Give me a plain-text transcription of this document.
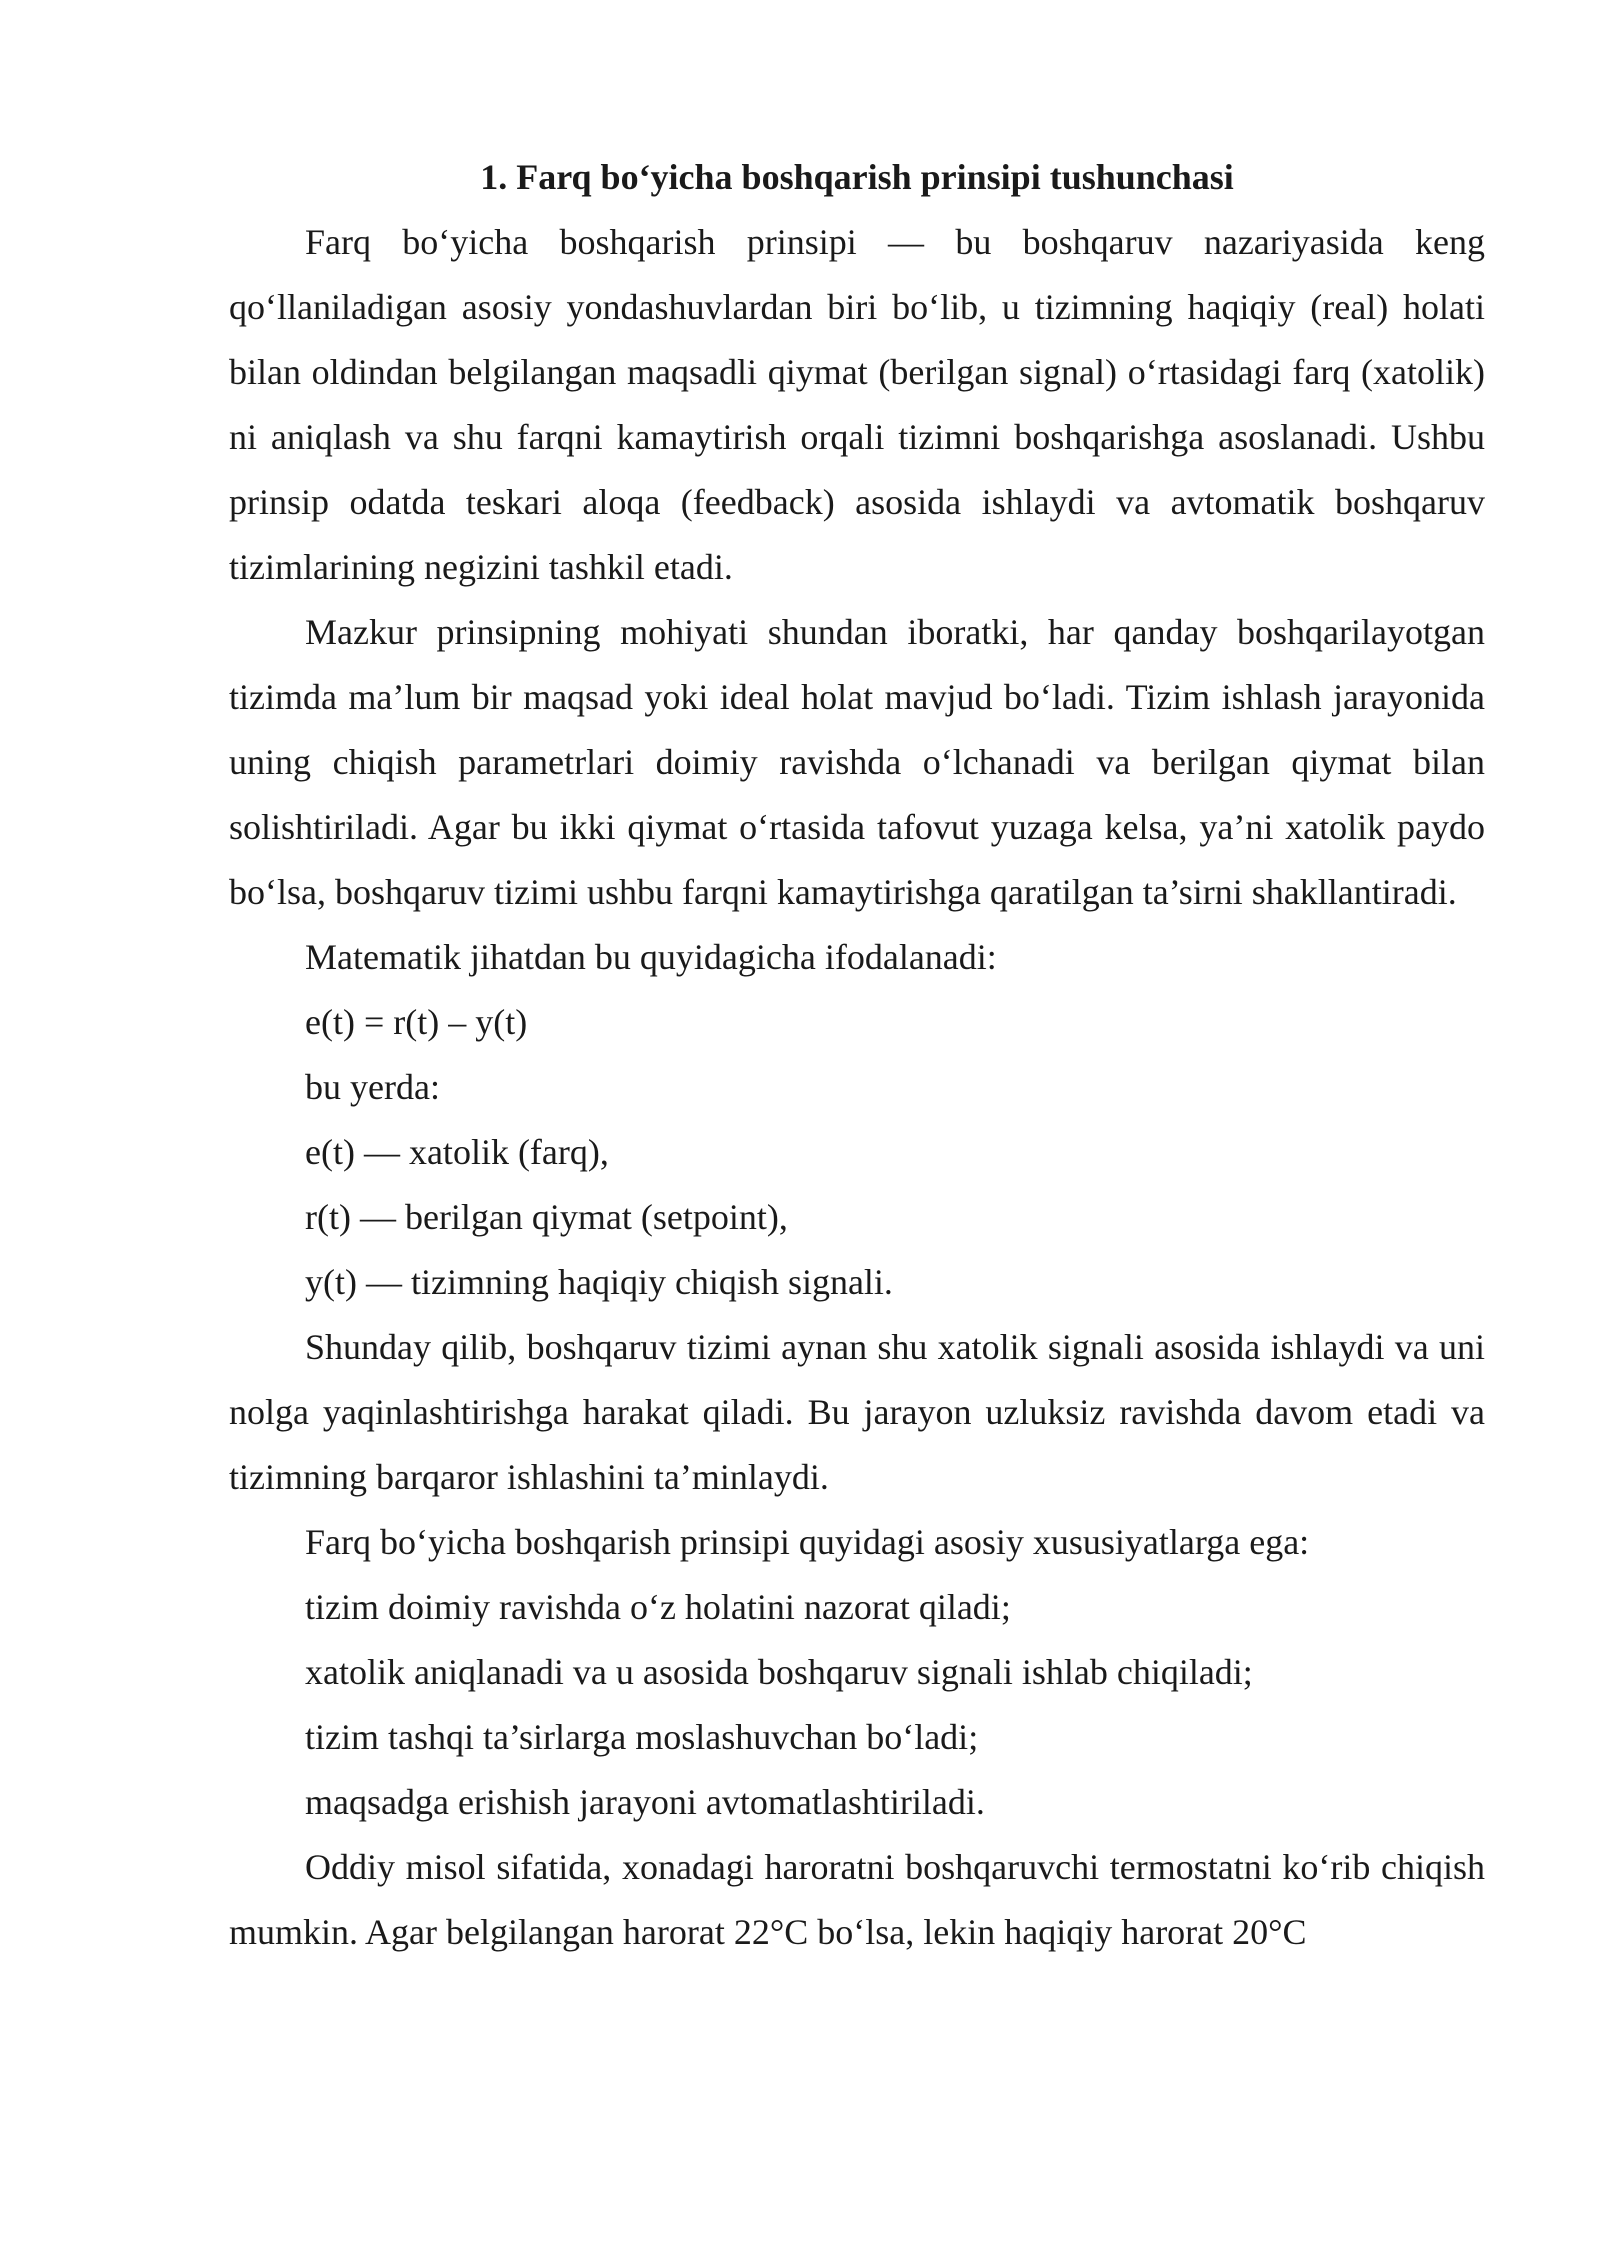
1. Farq bo‘yicha boshqarish prinsipi tushunchasi

Farq bo‘yicha boshqarish prinsipi — bu boshqaruv nazariyasida keng qo‘llaniladigan asosiy yondashuvlardan biri bo‘lib, u tizimning haqiqiy (real) holati bilan oldindan belgilangan maqsadli qiymat (berilgan signal) o‘rtasidagi farq (xatolik) ni aniqlash va shu farqni kamaytirish orqali tizimni boshqarishga asoslanadi. Ushbu prinsip odatda teskari aloqa (feedback) asosida ishlaydi va avtomatik boshqaruv tizimlarining negizini tashkil etadi.

Mazkur prinsipning mohiyati shundan iboratki, har qanday boshqarilayotgan tizimda ma’lum bir maqsad yoki ideal holat mavjud bo‘ladi. Tizim ishlash jarayonida uning chiqish parametrlari doimiy ravishda o‘lchanadi va berilgan qiymat bilan solishtiriladi. Agar bu ikki qiymat o‘rtasida tafovut yuzaga kelsa, ya’ni xatolik paydo bo‘lsa, boshqaruv tizimi ushbu farqni kamaytirishga qaratilgan ta’sirni shakllantiradi.

Matematik jihatdan bu quyidagicha ifodalanadi:

e(t) = r(t) – y(t)

bu yerda:

e(t) — xatolik (farq),

r(t) — berilgan qiymat (setpoint),

y(t) — tizimning haqiqiy chiqish signali.

Shunday qilib, boshqaruv tizimi aynan shu xatolik signali asosida ishlaydi va uni nolga yaqinlashtirishga harakat qiladi. Bu jarayon uzluksiz ravishda davom etadi va tizimning barqaror ishlashini ta’minlaydi.

Farq bo‘yicha boshqarish prinsipi quyidagi asosiy xususiyatlarga ega:

tizim doimiy ravishda o‘z holatini nazorat qiladi;

xatolik aniqlanadi va u asosida boshqaruv signali ishlab chiqiladi;

tizim tashqi ta’sirlarga moslashuvchan bo‘ladi;

maqsadga erishish jarayoni avtomatlashtiriladi.

Oddiy misol sifatida, xonadagi haroratni boshqaruvchi termostatni ko‘rib chiqish mumkin. Agar belgilangan harorat 22°C bo‘lsa, lekin haqiqiy harorat 20°C
